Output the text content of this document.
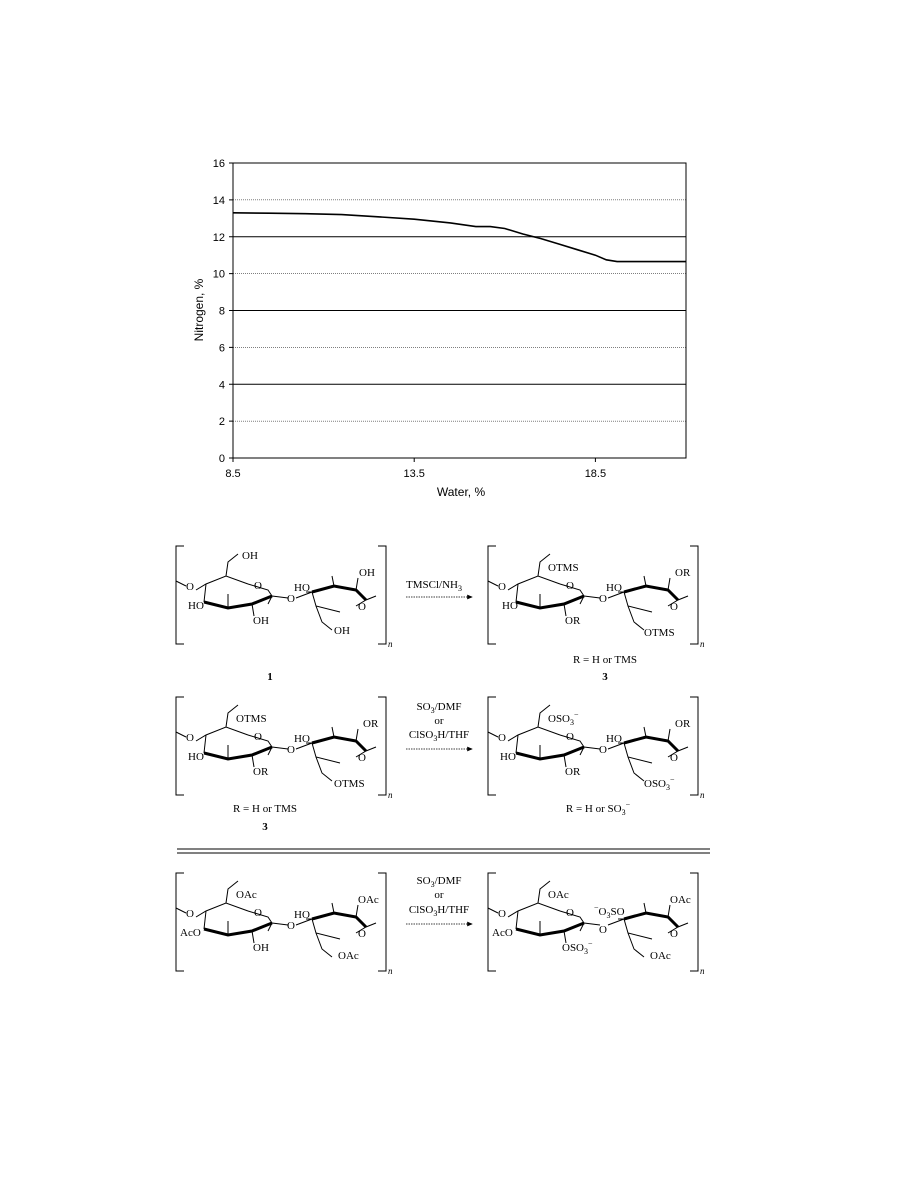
0
2
4
6
8
10
12
14
16
8.5	13.5	18.5
Nitrogen, %
Water, %
OH
OH
HO
O	O
O
O
HO
OH
OH
n
1
TMSCl/$NH_3$
OTMS	OR
HO
O	O
O
O
HO
OR
OTMS
n
R = H or TMS
3
OTMS	OR
HO
O	O
O
O
HO
OR
OTMS
n
R = H or TMS
3
$SO_3$/DMF
or
ClSO$_3$H/THF
$OSO_3^-$
OR
HO
O	O
O
O
HO
OR
$OSO_3^-$
n
R = H or $SO_3^-$
OAc	OAc
HO
O	O
O
O
AcO
OH
OAc
n
$SO_3$/DMF
or
ClSO$_3$H/THF
OAc	OAc
$^-O_3SO$
O	O
O	O
AcO
$OSO_3^-$
OAc
n
